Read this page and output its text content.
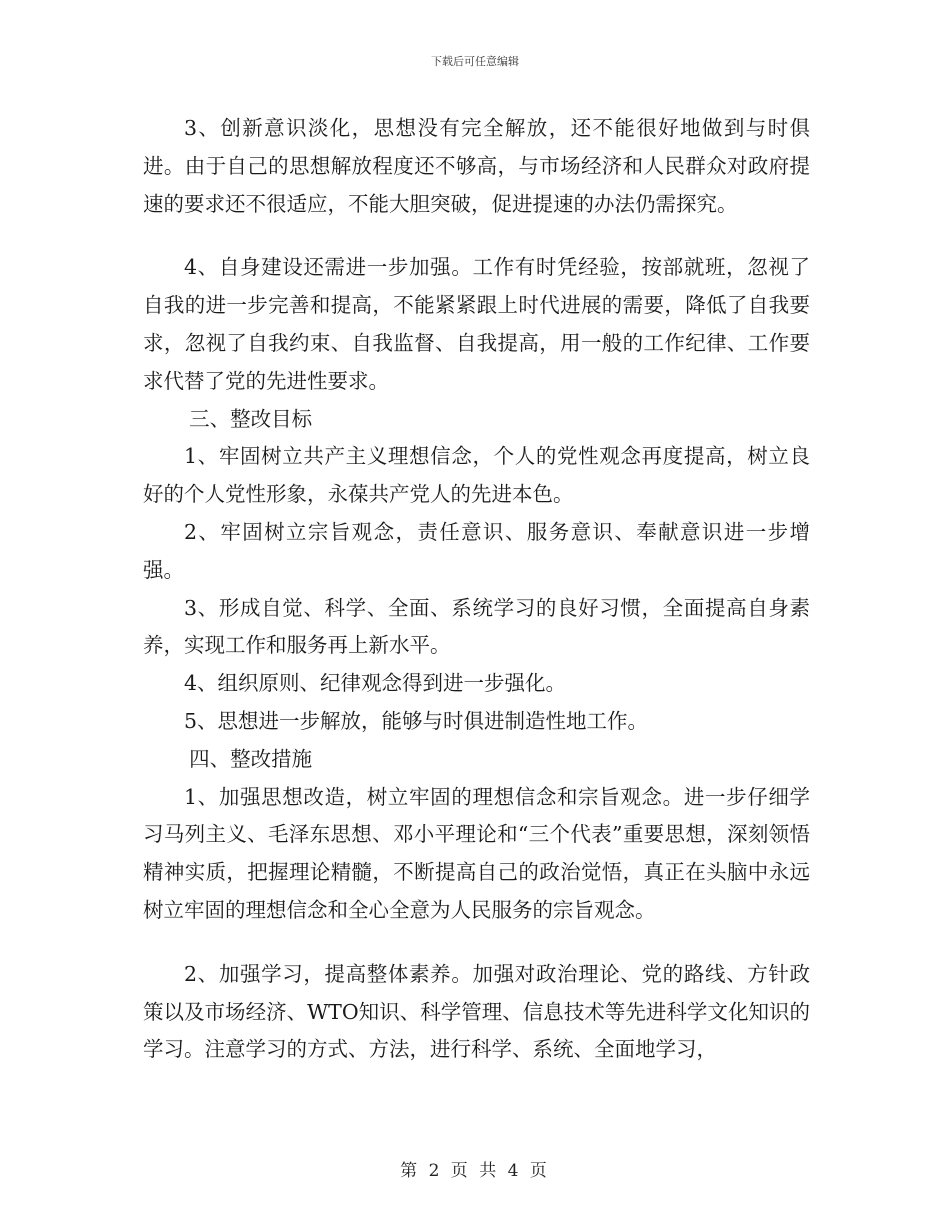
下载后可任意编辑

3、创新意识淡化，思想没有完全解放，还不能很好地做到与时俱进。由于自己的思想解放程度还不够高，与市场经济和人民群众对政府提速的要求还不很适应，不能大胆突破，促进提速的办法仍需探究。

4、自身建设还需进一步加强。工作有时凭经验，按部就班，忽视了自我的进一步完善和提高，不能紧紧跟上时代进展的需要，降低了自我要求，忽视了自我约束、自我监督、自我提高，用一般的工作纪律、工作要求代替了党的先进性要求。

三、整改目标

1、牢固树立共产主义理想信念，个人的党性观念再度提高，树立良好的个人党性形象，永葆共产党人的先进本色。

2、牢固树立宗旨观念，责任意识、服务意识、奉献意识进一步增强。

3、形成自觉、科学、全面、系统学习的良好习惯，全面提高自身素养，实现工作和服务再上新水平。

4、组织原则、纪律观念得到进一步强化。

5、思想进一步解放，能够与时俱进制造性地工作。

四、整改措施

1、加强思想改造，树立牢固的理想信念和宗旨观念。进一步仔细学习马列主义、毛泽东思想、邓小平理论和“三个代表”重要思想，深刻领悟精神实质，把握理论精髓，不断提高自己的政治觉悟，真正在头脑中永远树立牢固的理想信念和全心全意为人民服务的宗旨观念。

2、加强学习，提高整体素养。加强对政治理论、党的路线、方针政策以及市场经济、WTO知识、科学管理、信息技术等先进科学文化知识的学习。注意学习的方式、方法，进行科学、系统、全面地学习，

第 2 页 共 4 页
